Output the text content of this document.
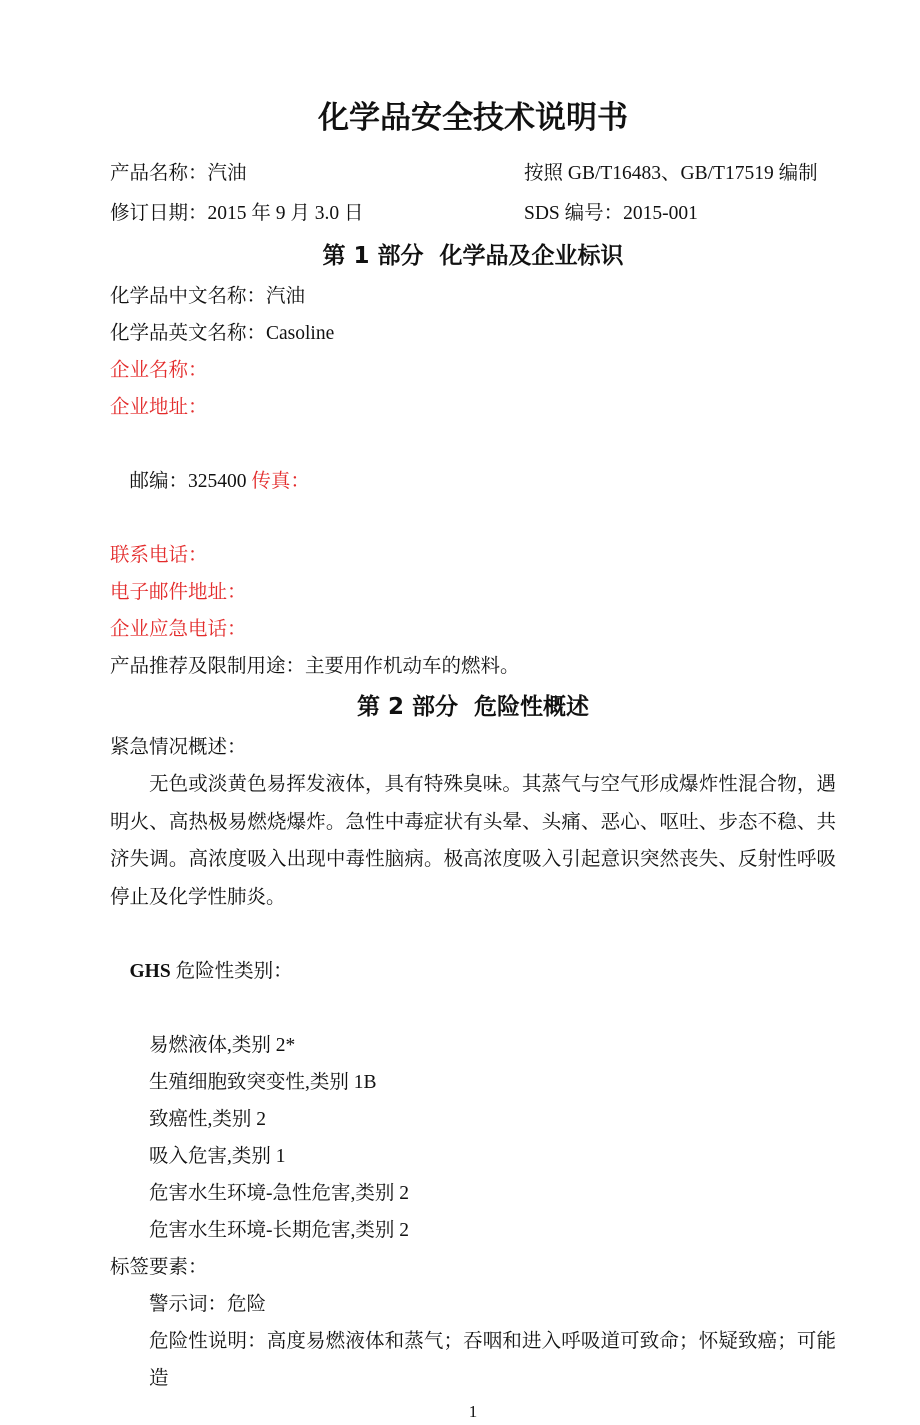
化学品安全技术说明书
产品名称：汽油	按照 GB/T16483、GB/T17519 编制
修订日期：2015 年 9 月 3.0 日	SDS 编号：2015-001
第 1 部分  化学品及企业标识
化学品中文名称：汽油
化学品英文名称：Casoline
企业名称：
企业地址：

邮编：325400 传真：

联系电话：
电子邮件地址：
企业应急电话：
产品推荐及限制用途：主要用作机动车的燃料。
第 2 部分  危险性概述
紧急情况概述：

无色或淡黄色易挥发液体，具有特殊臭味。其蒸气与空气形成爆炸性混合物，遇明火、高热极易燃烧爆炸。急性中毒症状有头晕、头痛、恶心、呕吐、步态不稳、共济失调。高浓度吸入出现中毒性脑病。极高浓度吸入引起意识突然丧失、反射性呼吸停止及化学性肺炎。

GHS 危险性类别：

易燃液体,类别 2*
生殖细胞致突变性,类别 1B
致癌性,类别 2
吸入危害,类别 1
危害水生环境-急性危害,类别 2
危害水生环境-长期危害,类别 2
标签要素：
警示词：危险
危险性说明：高度易燃液体和蒸气；吞咽和进入呼吸道可致命；怀疑致癌；可能造
1
